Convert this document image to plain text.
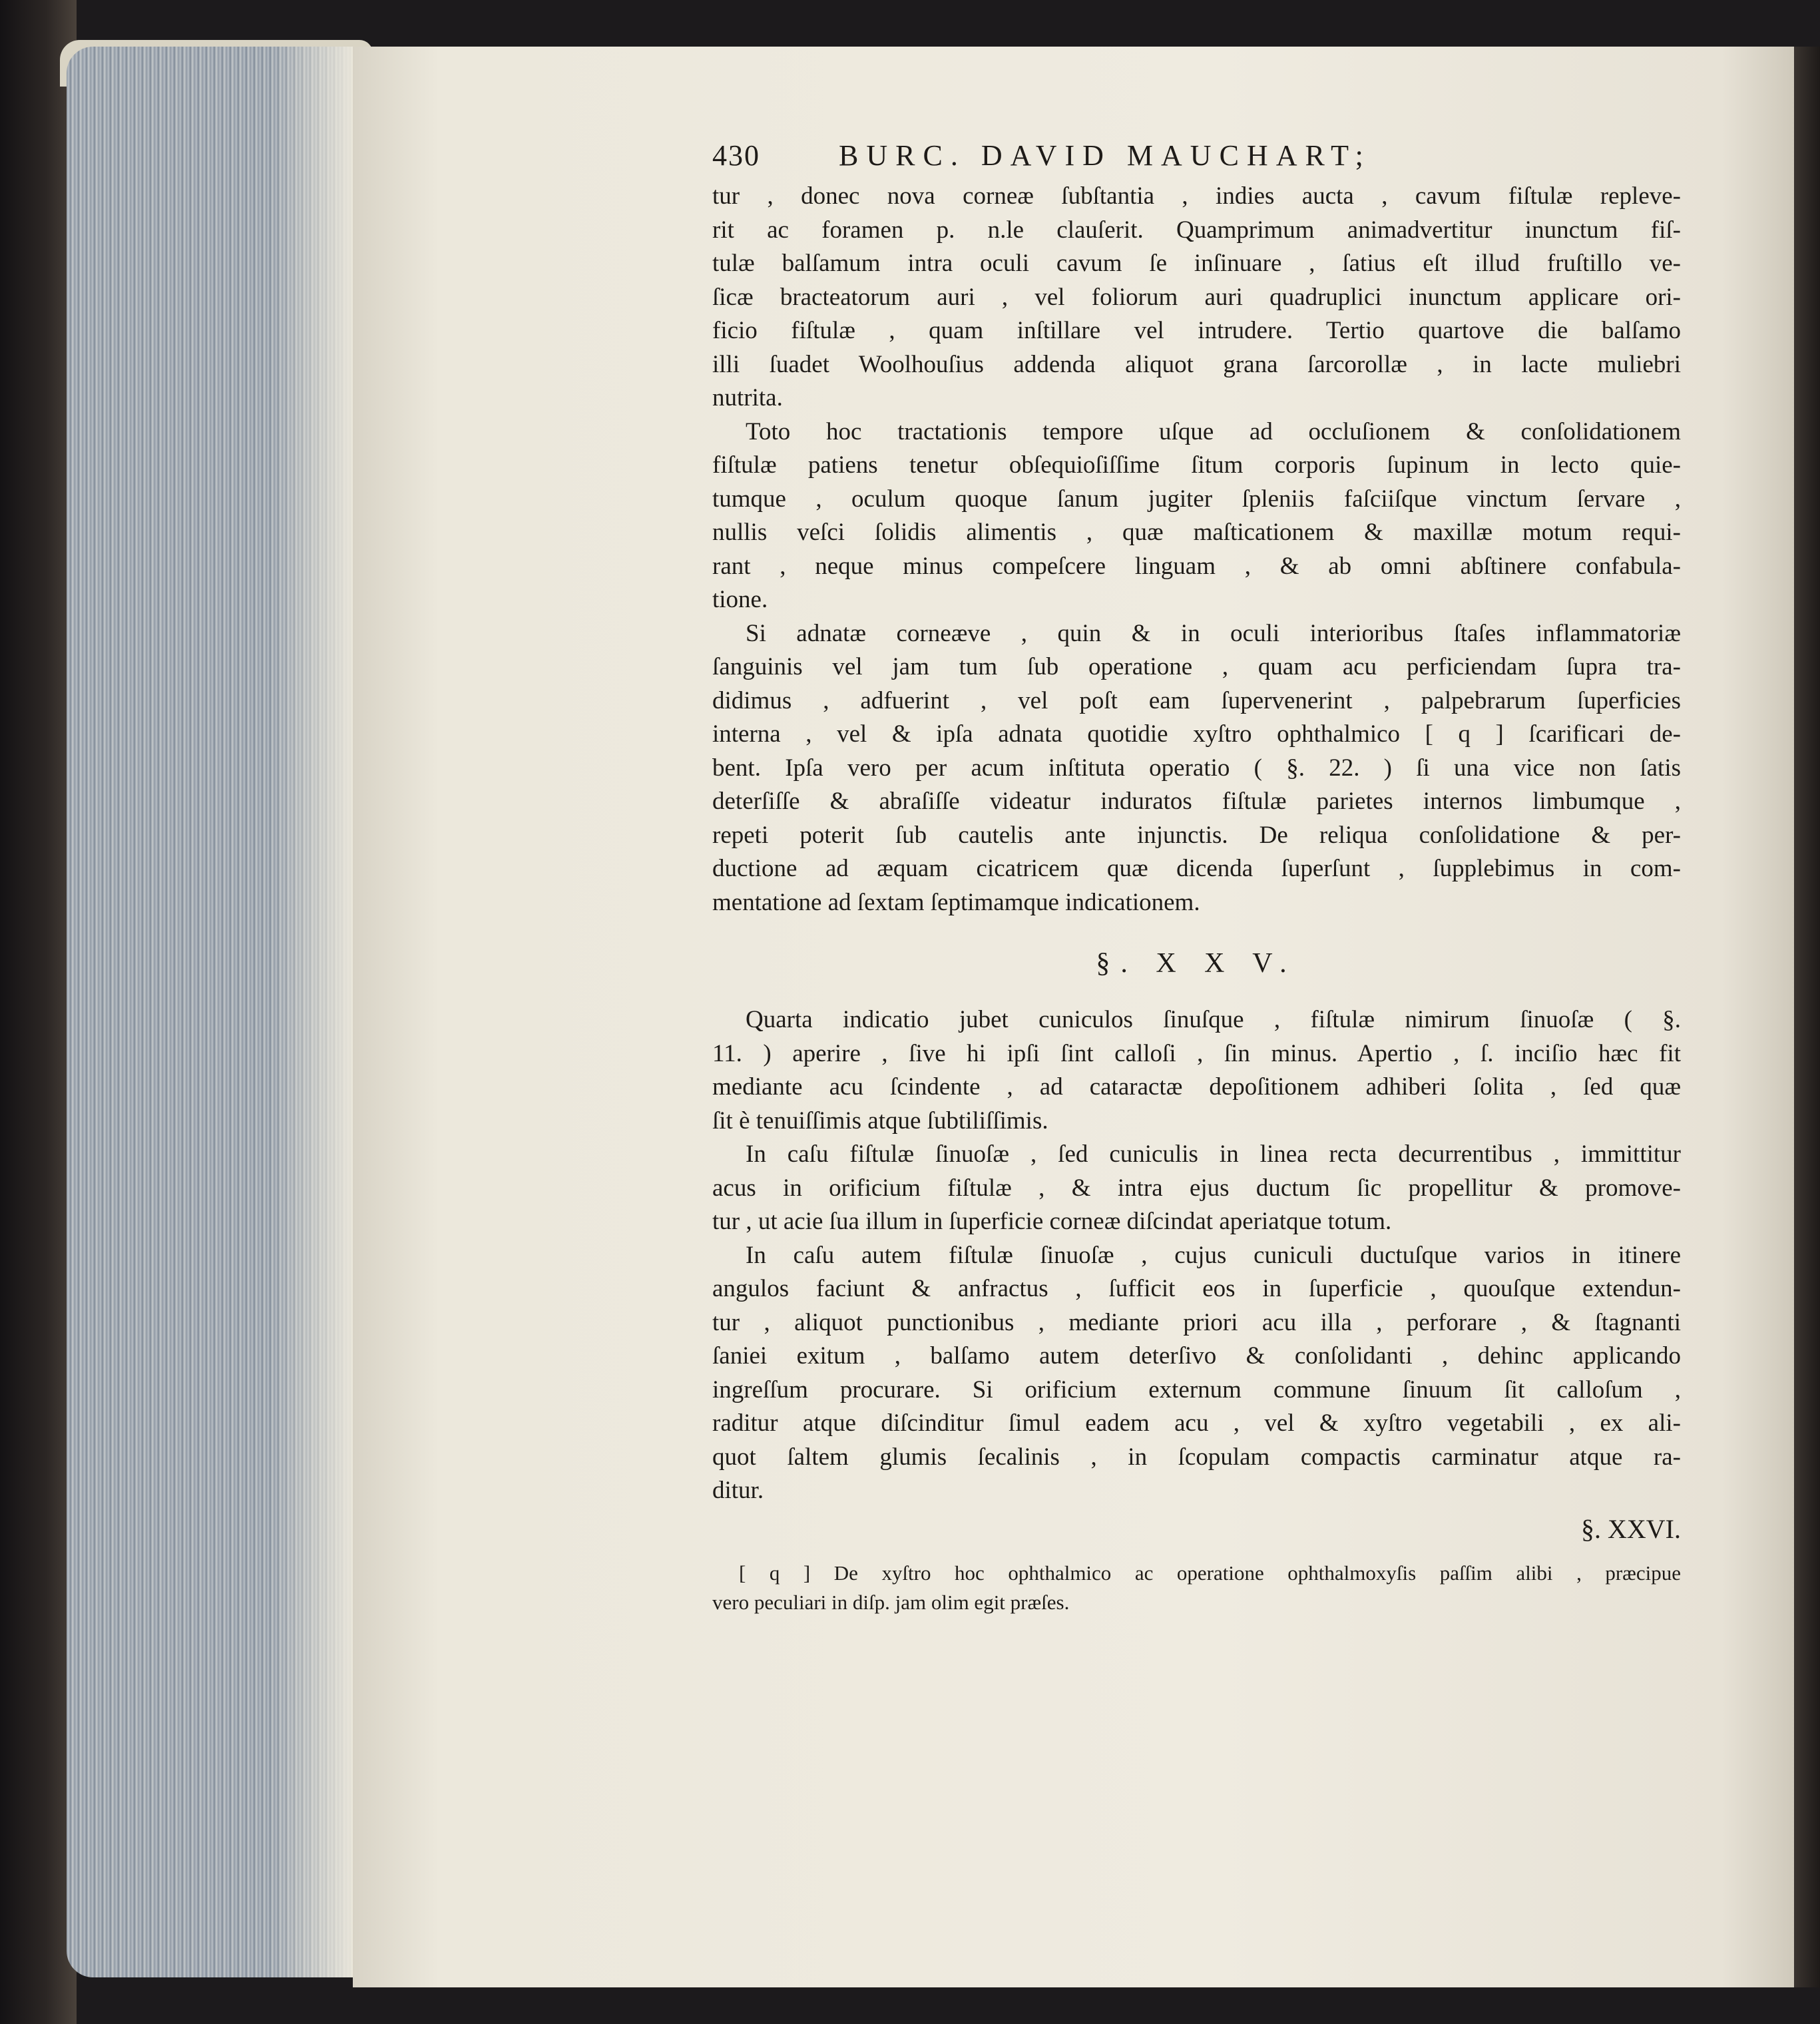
430	BURC. DAVID MAUCHART;
tur , donec nova corneæ ſubſtantia , indies aucta , cavum fiſtulæ repleve-
rit ac foramen p. n.le clauſerit. Quamprimum animadvertitur inunctum fiſ-
tulæ balſamum intra oculi cavum ſe inſinuare , ſatius eſt illud fruſtillo ve-
ſicæ bracteatorum auri , vel foliorum auri quadruplici inunctum applicare ori-
ficio fiſtulæ , quam inſtillare vel intrudere. Tertio quartove die balſamo
illi ſuadet Woolhouſius addenda aliquot grana ſarcorollæ , in lacte muliebri
nutrita.
Toto hoc tractationis tempore uſque ad occluſionem & conſolidationem
fiſtulæ patiens tenetur obſequioſiſſime ſitum corporis ſupinum in lecto quie-
tumque , oculum quoque ſanum jugiter ſpleniis faſciiſque vinctum ſervare ,
nullis veſci ſolidis alimentis , quæ maſticationem & maxillæ motum requi-
rant , neque minus compeſcere linguam , & ab omni abſtinere confabula-
tione.
Si adnatæ corneæve , quin & in oculi interioribus ſtaſes inflammatoriæ
ſanguinis vel jam tum ſub operatione , quam acu perficiendam ſupra tra-
didimus , adfuerint , vel poſt eam ſupervenerint , palpebrarum ſuperficies
interna , vel & ipſa adnata quotidie xyſtro ophthalmico [ q ] ſcarificari de-
bent. Ipſa vero per acum inſtituta operatio ( §. 22. ) ſi una vice non ſatis
deterſiſſe & abraſiſſe videatur induratos fiſtulæ parietes internos limbumque ,
repeti poterit ſub cautelis ante injunctis. De reliqua conſolidatione & per-
ductione ad æquam cicatricem quæ dicenda ſuperſunt , ſupplebimus in com-
mentatione ad ſextam ſeptimamque indicationem.
§. X X V.
Quarta indicatio jubet cuniculos ſinuſque , fiſtulæ nimirum ſinuoſæ ( §.
11. ) aperire , ſive hi ipſi ſint calloſi , ſin minus. Apertio , ſ. inciſio hæc fit
mediante acu ſcindente , ad cataractæ depoſitionem adhiberi ſolita , ſed quæ
ſit è tenuiſſimis atque ſubtiliſſimis.
In caſu fiſtulæ ſinuoſæ , ſed cuniculis in linea recta decurrentibus , immittitur
acus in orificium fiſtulæ , & intra ejus ductum ſic propellitur & promove-
tur , ut acie ſua illum in ſuperficie corneæ diſcindat aperiatque totum.
In caſu autem fiſtulæ ſinuoſæ , cujus cuniculi ductuſque varios in itinere
angulos faciunt & anfractus , ſufficit eos in ſuperficie , quouſque extendun-
tur , aliquot punctionibus , mediante priori acu illa , perforare , & ſtagnanti
ſaniei exitum , balſamo autem deterſivo & conſolidanti , dehinc applicando
ingreſſum procurare. Si orificium externum commune ſinuum ſit calloſum ,
raditur atque diſcinditur ſimul eadem acu , vel & xyſtro vegetabili , ex ali-
quot ſaltem glumis ſecalinis , in ſcopulam compactis carminatur atque ra-
ditur.
§. XXVI.
[ q ] De xyſtro hoc ophthalmico ac operatione ophthalmoxyſis paſſim alibi , præcipue
vero peculiari in diſp. jam olim egit præſes.
